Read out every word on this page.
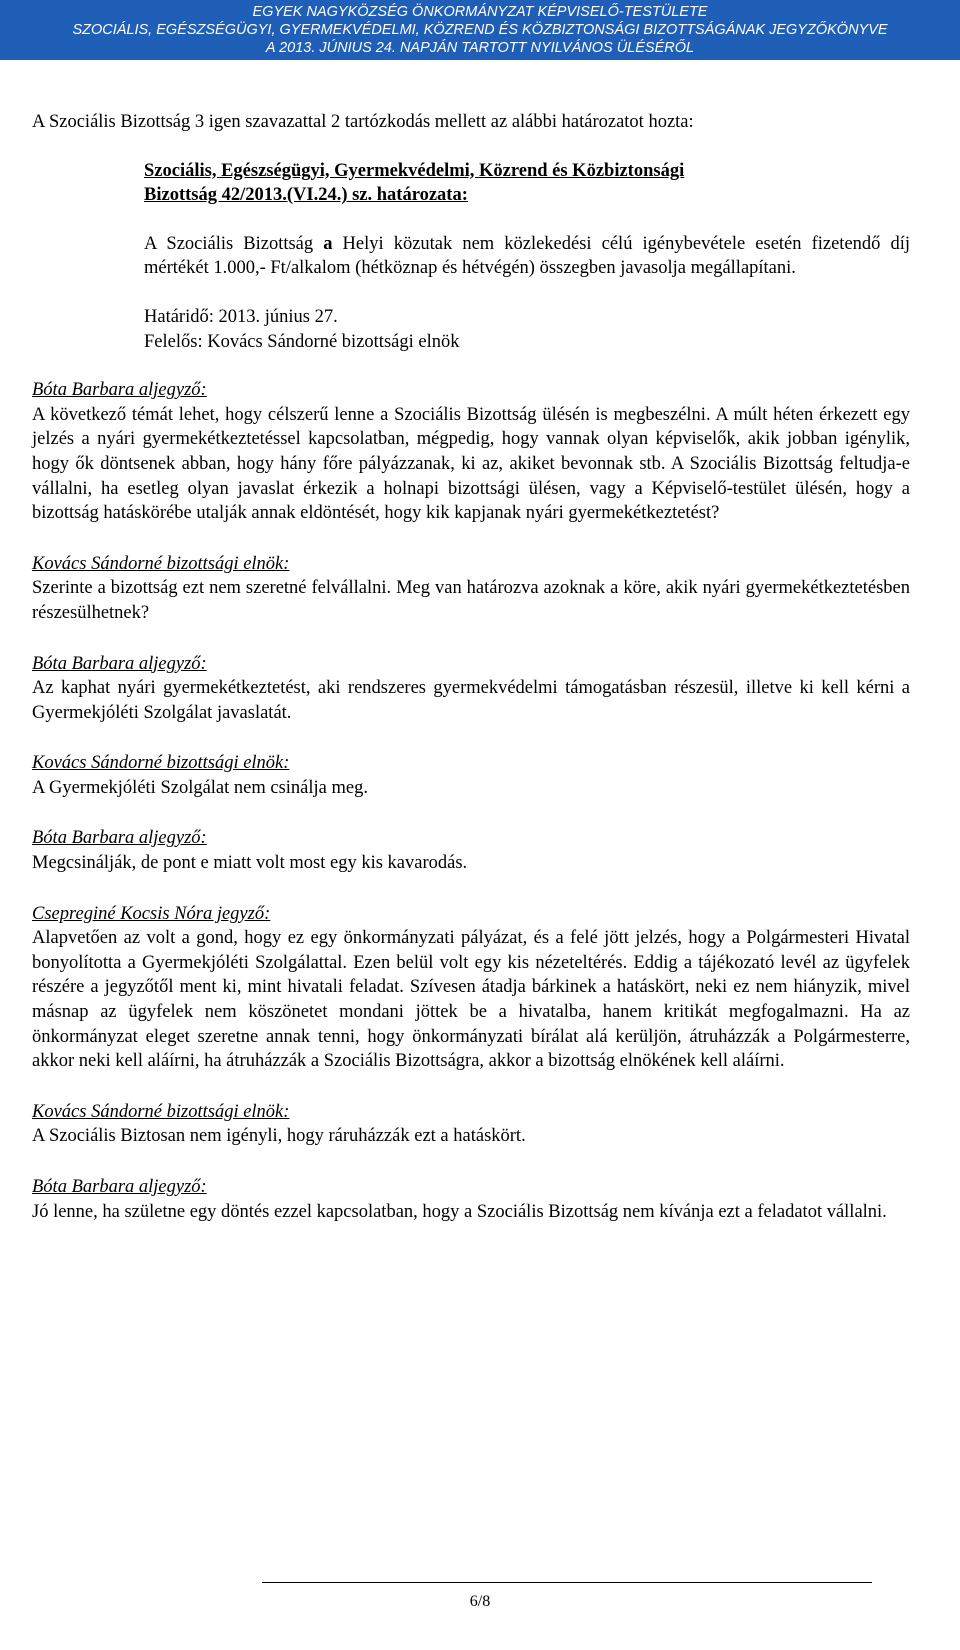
EGYEK NAGYKÖZSÉG ÖNKORMÁNYZAT KÉPVISELŐ-TESTÜLETE
SZOCIÁLIS, EGÉSZSÉGÜGYI, GYERMEKVÉDELMI, KÖZREND ÉS KÖZBIZTONSÁGI BIZOTTSÁGÁNAK JEGYZŐKÖNYVE
A 2013. JÚNIUS 24. NAPJÁN TARTOTT NYILVÁNOS ÜLÉSÉRŐL

A Szociális Bizottság 3 igen szavazattal 2 tartózkodás mellett az alábbi határozatot hozta:

Szociális, Egészségügyi, Gyermekvédelmi, Közrend és Közbiztonsági

Bizottság 42/2013.(VI.24.) sz. határozata:

A Szociális Bizottság a Helyi közutak nem közlekedési célú igénybevétele esetén fizetendő díj mértékét 1.000,- Ft/alkalom (hétköznap és hétvégén) összegben javasolja megállapítani.

Határidő: 2013. június 27.

Felelős: Kovács Sándorné bizottsági elnök

Bóta Barbara aljegyző:

A következő témát lehet, hogy célszerű lenne a Szociális Bizottság ülésén is megbeszélni. A múlt héten érkezett egy jelzés a nyári gyermekétkeztetéssel kapcsolatban, mégpedig, hogy vannak olyan képviselők, akik jobban igénylik, hogy ők döntsenek abban, hogy hány főre pályázzanak, ki az, akiket bevonnak stb. A Szociális Bizottság feltudja-e vállalni, ha esetleg olyan javaslat érkezik a holnapi bizottsági ülésen, vagy a Képviselő-testület ülésén, hogy a bizottság hatáskörébe utalják annak eldöntését, hogy kik kapjanak nyári gyermekétkeztetést?

Kovács Sándorné bizottsági elnök:

Szerinte a bizottság ezt nem szeretné felvállalni. Meg van határozva azoknak a köre, akik nyári gyermekétkeztetésben részesülhetnek?

Bóta Barbara aljegyző:

Az kaphat nyári gyermekétkeztetést, aki rendszeres gyermekvédelmi támogatásban részesül, illetve ki kell kérni a Gyermekjóléti Szolgálat javaslatát.

Kovács Sándorné bizottsági elnök:

A Gyermekjóléti Szolgálat nem csinálja meg.

Bóta Barbara aljegyző:

Megcsinálják, de pont e miatt volt most egy kis kavarodás.

Csepreginé Kocsis Nóra jegyző:

Alapvetően az volt a gond, hogy ez egy önkormányzati pályázat, és a felé jött jelzés, hogy a Polgármesteri Hivatal bonyolította a Gyermekjóléti Szolgálattal. Ezen belül volt egy kis nézeteltérés. Eddig a tájékozató levél az ügyfelek részére a jegyzőtől ment ki, mint hivatali feladat. Szívesen átadja bárkinek a hatáskört, neki ez nem hiányzik, mivel másnap az ügyfelek nem köszönetet mondani jöttek be a hivatalba, hanem kritikát megfogalmazni. Ha az önkormányzat eleget szeretne annak tenni, hogy önkormányzati bírálat alá kerüljön, átruházzák a Polgármesterre, akkor neki kell aláírni, ha átruházzák a Szociális Bizottságra, akkor a bizottság elnökének kell aláírni.

Kovács Sándorné bizottsági elnök:

A Szociális Biztosan nem igényli, hogy ráruházzák ezt a hatáskört.

Bóta Barbara aljegyző:

Jó lenne, ha születne egy döntés ezzel kapcsolatban, hogy a Szociális Bizottság nem kívánja ezt a feladatot vállalni.

6/8
